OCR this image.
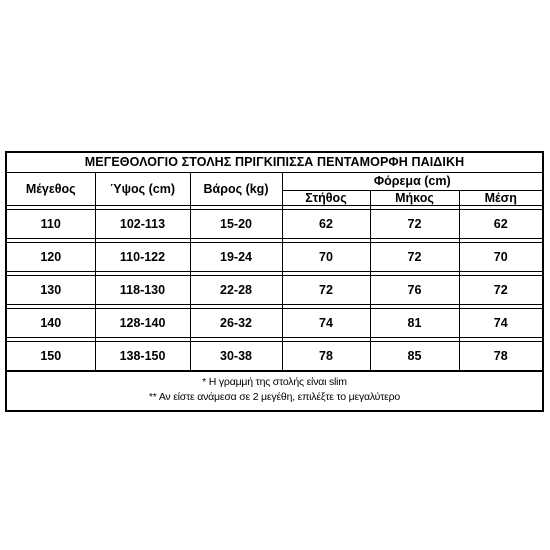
ΜΕΓΕΘΟΛΟΓΙΟ ΣΤΟΛΗΣ ΠΡΙΓΚΙΠΙΣΣΑ ΠΕΝΤΑΜΟΡΦΗ ΠΑΙΔΙΚΗ
Μέγεθος	Ύψος (cm)	Βάρος (kg)	Φόρεμα (cm)		
			Στήθος	Μήκος	Μέση

110	102-113	15-20	62	72	62

120	110-122	19-24	70	72	70

130	118-130	22-28	72	76	72

140	128-140	26-32	74	81	74

150	138-150	30-38	78	85	78
* Η γραμμή της στολής είναι slim
** Αν είστε ανάμεσα σε 2 μεγέθη, επιλέξτε το μεγαλύτερο
